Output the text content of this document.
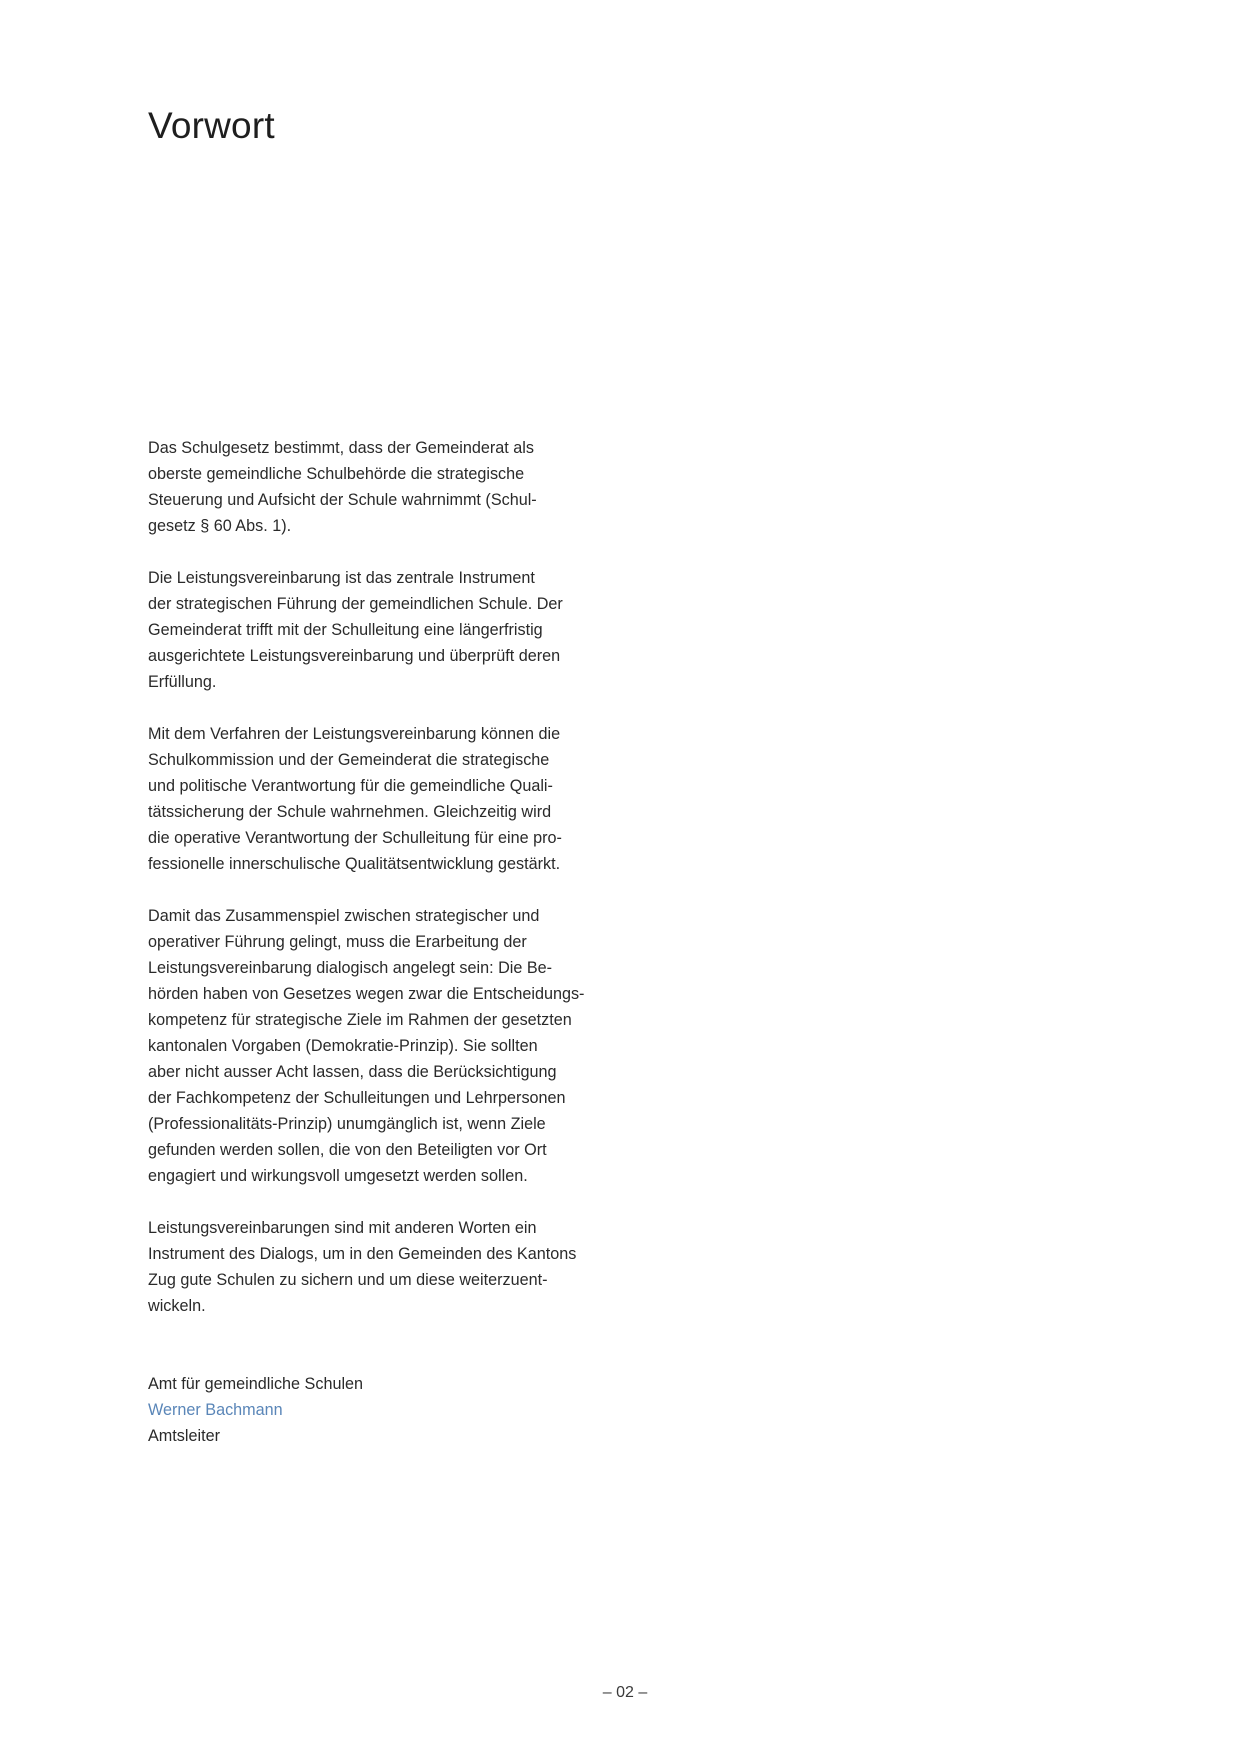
Vorwort

Das Schulgesetz bestimmt, dass der Gemeinderat als
oberste gemeindliche Schulbehörde die strategische
Steuerung und Aufsicht der Schule wahrnimmt (Schul-
gesetz § 60 Abs. 1).

Die Leistungsvereinbarung ist das zentrale Instrument
der strategischen Führung der gemeindlichen Schule. Der
Gemeinderat trifft mit der Schulleitung eine längerfristig
ausgerichtete Leistungsvereinbarung und überprüft deren
Erfüllung.

Mit dem Verfahren der Leistungsvereinbarung können die
Schulkommission und der Gemeinderat die strategische
und politische Verantwortung für die gemeindliche Quali-
tätssicherung der Schule wahrnehmen. Gleichzeitig wird
die operative Verantwortung der Schulleitung für eine pro-
fessionelle innerschulische Qualitätsentwicklung gestärkt.

Damit das Zusammenspiel zwischen strategischer und
operativer Führung gelingt, muss die Erarbeitung der
Leistungsvereinbarung dialogisch angelegt sein: Die Be-
hörden haben von Gesetzes wegen zwar die Entscheidungs-
kompetenz für strategische Ziele im Rahmen der gesetzten
kantonalen Vorgaben (Demokratie-Prinzip). Sie sollten
aber nicht ausser Acht lassen, dass die Berücksichtigung
der Fachkompetenz der Schulleitungen und Lehrpersonen
(Professionalitäts-Prinzip) unumgänglich ist, wenn Ziele
gefunden werden sollen, die von den Beteiligten vor Ort
engagiert und wirkungsvoll umgesetzt werden sollen.

Leistungsvereinbarungen sind mit anderen Worten ein
Instrument des Dialogs, um in den Gemeinden des Kantons
Zug gute Schulen zu sichern und um diese weiterzuent-
wickeln.

Amt für gemeindliche Schulen
Werner Bachmann
Amtsleiter
– 02 –
